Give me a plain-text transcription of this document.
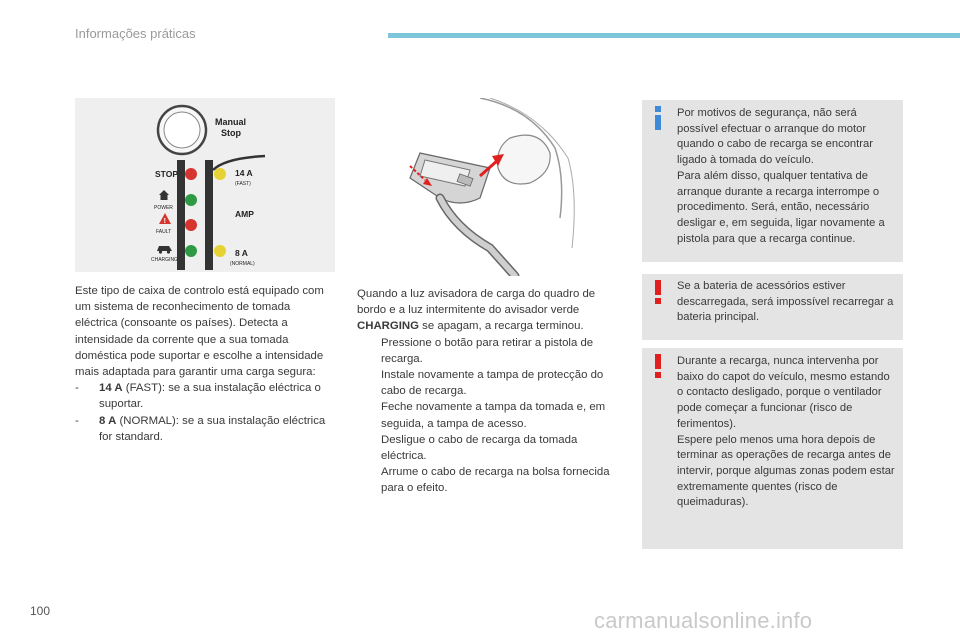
Informações práticas
Manual
Stop
STOP
POWER
!
FAULT
CHARGING
14 A
(FAST)
AMP
8 A
(NORMAL)

Este tipo de caixa de controlo está equipado com um sistema de reconhecimento de tomada eléctrica (consoante os países). Detecta a intensidade da corrente que a sua tomada doméstica pode suportar e escolhe a intensidade mais adaptada para garantir uma carga segura:

- 14 A (FAST): se a sua instalação eléctrica o suportar.
- 8 A (NORMAL): se a sua instalação eléctrica for standard.

Quando a luz avisadora de carga do quadro de bordo e a luz intermitente do avisador verde CHARGING se apagam, a recarga terminou.

Pressione o botão para retirar a pistola de recarga.
Instale novamente a tampa de protecção do cabo de recarga.
Feche novamente a tampa da tomada e, em seguida, a tampa de acesso.
Desligue o cabo de recarga da tomada eléctrica.
Arrume o cabo de recarga na bolsa fornecida para o efeito.

Por motivos de segurança, não será possível efectuar o arranque do motor quando o cabo de recarga se encontrar ligado à tomada do veículo.

Para além disso, qualquer tentativa de arranque durante a recarga interrompe o procedimento. Será, então, necessário desligar e, em seguida, ligar novamente a pistola para que a recarga continue.

Se a bateria de acessórios estiver descarregada, será impossível recarregar a bateria principal.

Durante a recarga, nunca intervenha por baixo do capot do veículo, mesmo estando o contacto desligado, porque o ventilador pode começar a funcionar (risco de ferimentos).

Espere pelo menos uma hora depois de terminar as operações de recarga antes de intervir, porque algumas zonas podem estar extremamente quentes (risco de queimaduras).

100	carmanualsonline.info
